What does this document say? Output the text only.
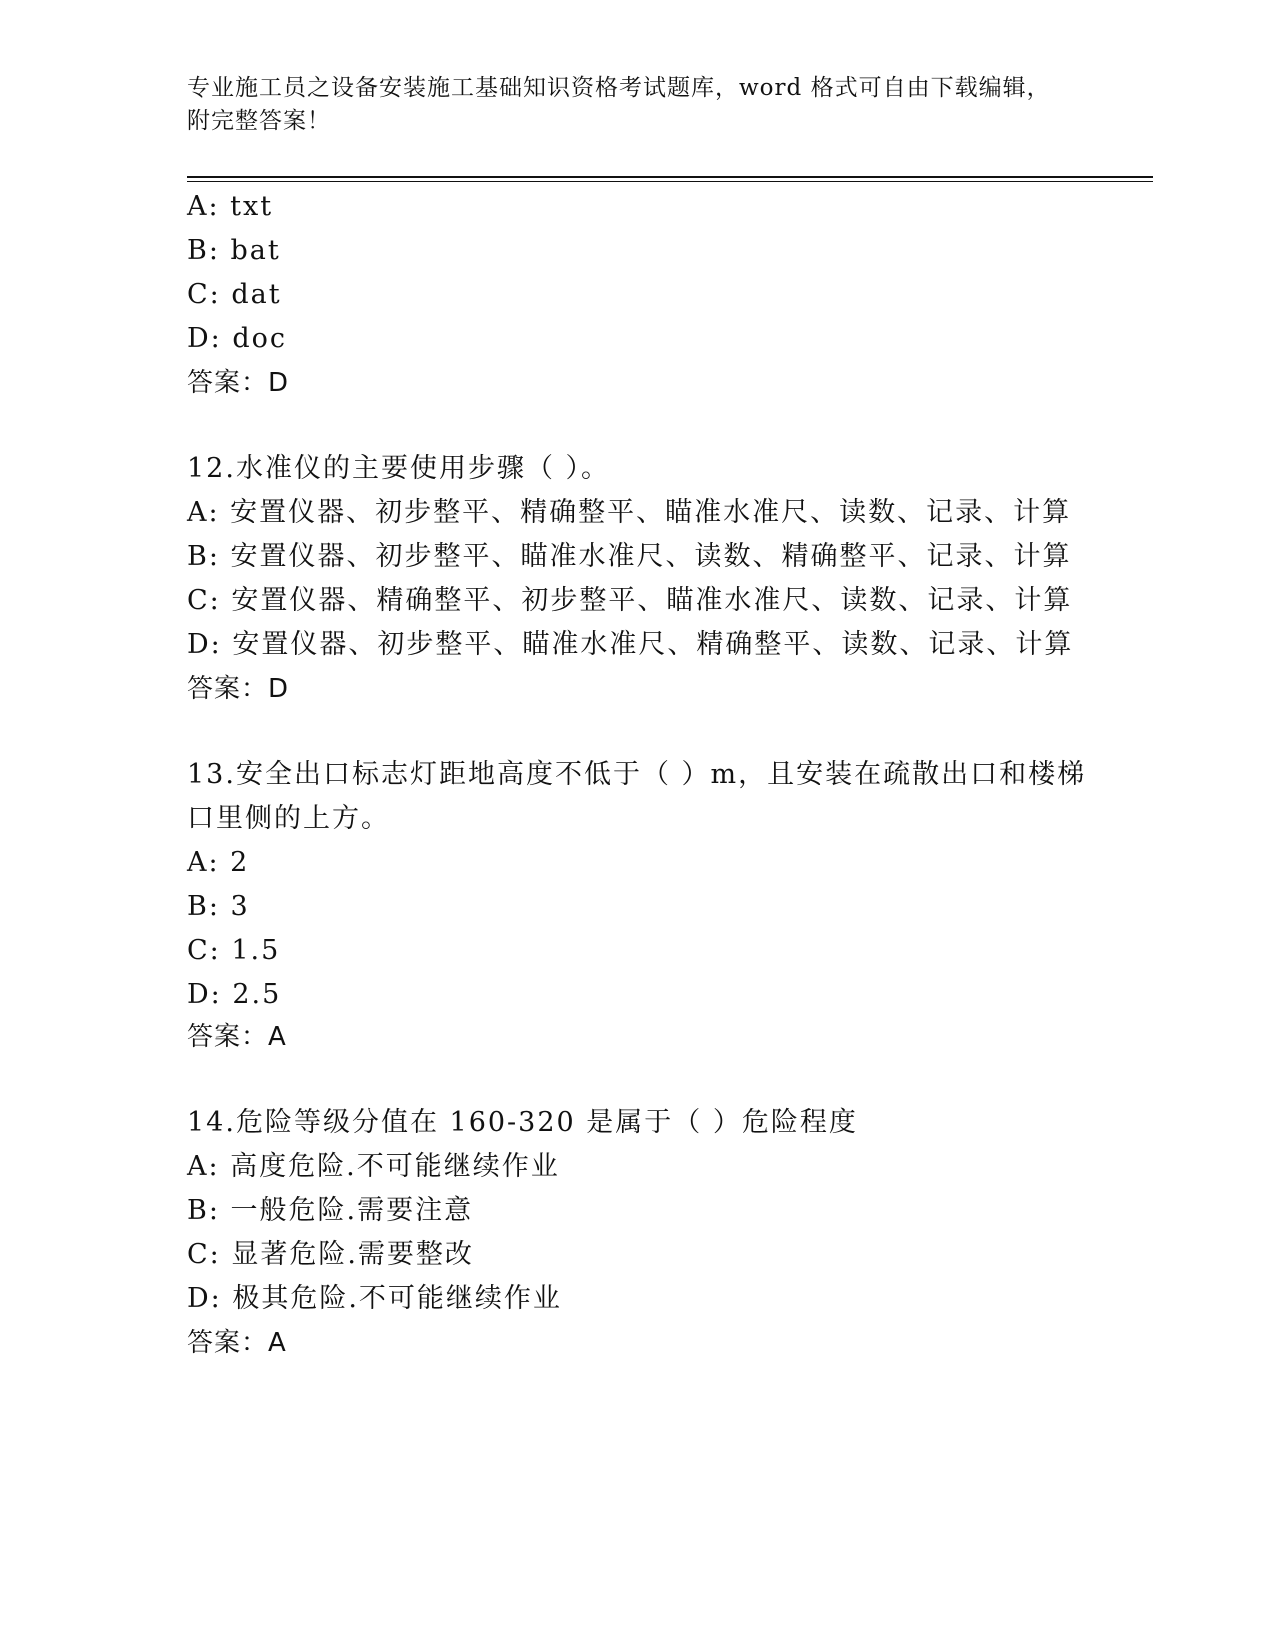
专业施工员之设备安装施工基础知识资格考试题库，word 格式可自由下载编辑，
附完整答案！
A: txt
B: bat
C: dat
D: doc
答案：D
12.水准仪的主要使用步骤（ ）。
A: 安置仪器、初步整平、精确整平、瞄准水准尺、读数、记录、计算
B: 安置仪器、初步整平、瞄准水准尺、读数、精确整平、记录、计算
C: 安置仪器、精确整平、初步整平、瞄准水准尺、读数、记录、计算
D: 安置仪器、初步整平、瞄准水准尺、精确整平、读数、记录、计算
答案：D
13.安全出口标志灯距地高度不低于（ ）m，且安装在疏散出口和楼梯
口里侧的上方。
A: 2
B: 3
C: 1.5
D: 2.5
答案：A
14.危险等级分值在 160-320 是属于（ ）危险程度
A: 高度危险.不可能继续作业
B: 一般危险.需要注意
C: 显著危险.需要整改
D: 极其危险.不可能继续作业
答案：A
